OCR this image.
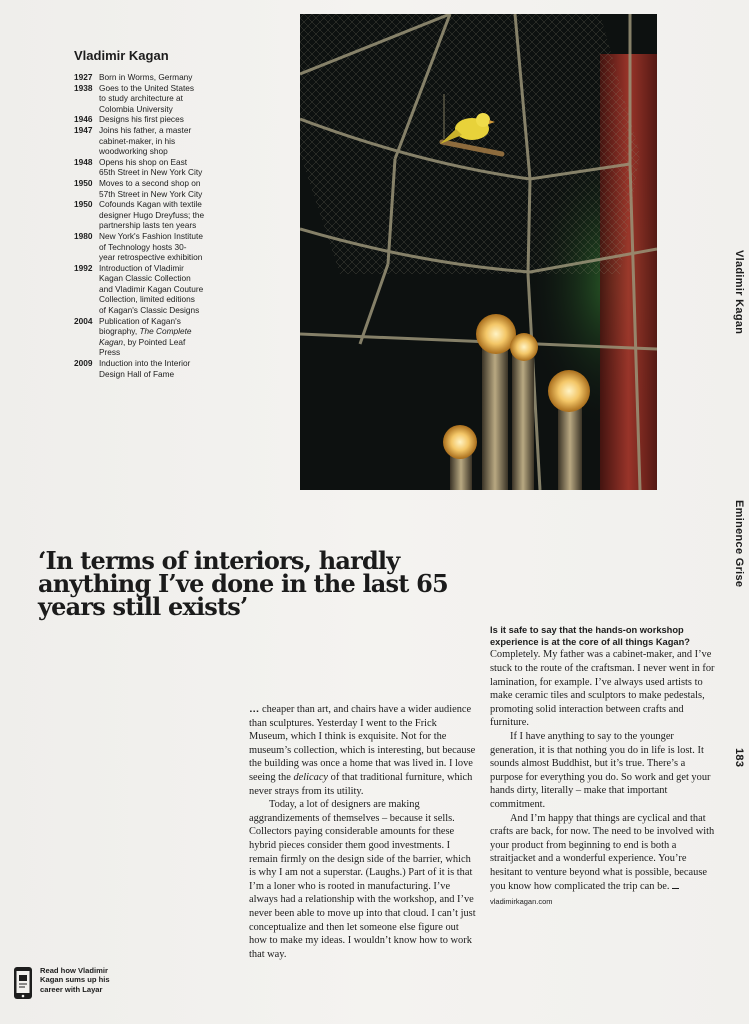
Vladimir Kagan
1927 Born in Worms, Germany
1938 Goes to the United States
to study architecture at
Colombia University
1946 Designs his first pieces
1947 Joins his father, a master
cabinet-maker, in his
woodworking shop
1948 Opens his shop on East
65th Street in New York City
1950 Moves to a second shop on
57th Street in New York City
1950 Cofounds Kagan with textile
designer Hugo Dreyfuss; the
partnership lasts ten years
1980 New York's Fashion Institute
of Technology hosts 30-
year retrospective exhibition
1992 Introduction of Vladimir
Kagan Classic Collection
and Vladimir Kagan Couture
Collection, limited editions
of Kagan's Classic Designs
2004 Publication of Kagan's
biography, The Complete
Kagan, by Pointed Leaf
Press
2009 Induction into the Interior
Design Hall of Fame
Vladimir Kagan
Eminence Grise
183
‘In terms of interiors, hardly anything I’ve done in the last 65 years still exists’

… cheaper than art, and chairs have a wider audience than sculptures. Yesterday I went to the Frick Museum, which I think is exquisite. Not for the museum’s collection, which is interesting, but because the building was once a home that was lived in. I love seeing the delicacy of that traditional furniture, which never strays from its utility.

Today, a lot of designers are making aggrandizements of themselves – because it sells. Collectors paying considerable amounts for these hybrid pieces consider them good investments. I remain firmly on the design side of the barrier, which is why I am not a superstar. (Laughs.) Part of it is that I’m a loner who is rooted in manufacturing. I’ve always had a relationship with the workshop, and I’ve never been able to move up into that cloud. I can’t just conceptualize and then let someone else figure out how to make my ideas. I wouldn’t know how to work that way.

Is it safe to say that the hands-on workshop experience is at the core of all things Kagan?

Completely. My father was a cabinet-maker, and I’ve stuck to the route of the craftsman. I never went in for lamination, for example. I’ve always used artists to make ceramic tiles and sculptors to make pedestals, promoting solid interaction between crafts and furniture.

If I have anything to say to the younger generation, it is that nothing you do in life is lost. It sounds almost Buddhist, but it’s true. There’s a purpose for everything you do. So work and get your hands dirty, literally – make that important commitment.

And I’m happy that things are cyclical and that crafts are back, for now. The need to be involved with your product from beginning to end is both a straitjacket and a wonderful experience. You’re hesitant to venture beyond what is possible, because you know how complicated the trip can be.

vladimirkagan.com
Read how Vladimir Kagan sums up his career with Layar
